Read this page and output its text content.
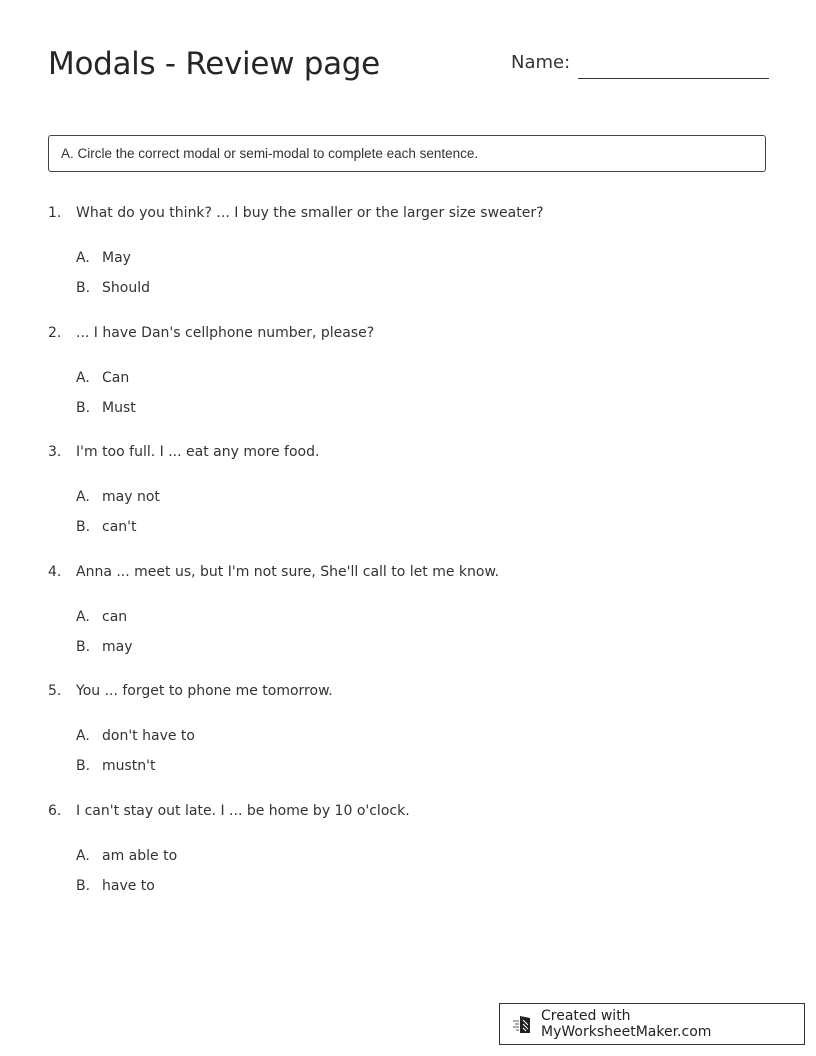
Modals - Review page	Name:
A. Circle the correct modal or semi-modal to complete each sentence.
1.	What do you think? ... I buy the smaller or the larger size sweater?
A. May
B. Should
2.	... I have Dan's cellphone number, please?
A. Can
B. Must
3.	I'm too full. I ... eat any more food.
A. may not
B. can't
4.	Anna ... meet us, but I'm not sure, She'll call to let me know.
A. can
B. may
5.	You ... forget to phone me tomorrow.
A. don't have to
B. mustn't
6.	I can't stay out late. I ... be home by 10 o'clock.
A. am able to
B. have to
Created with MyWorksheetMaker.com
